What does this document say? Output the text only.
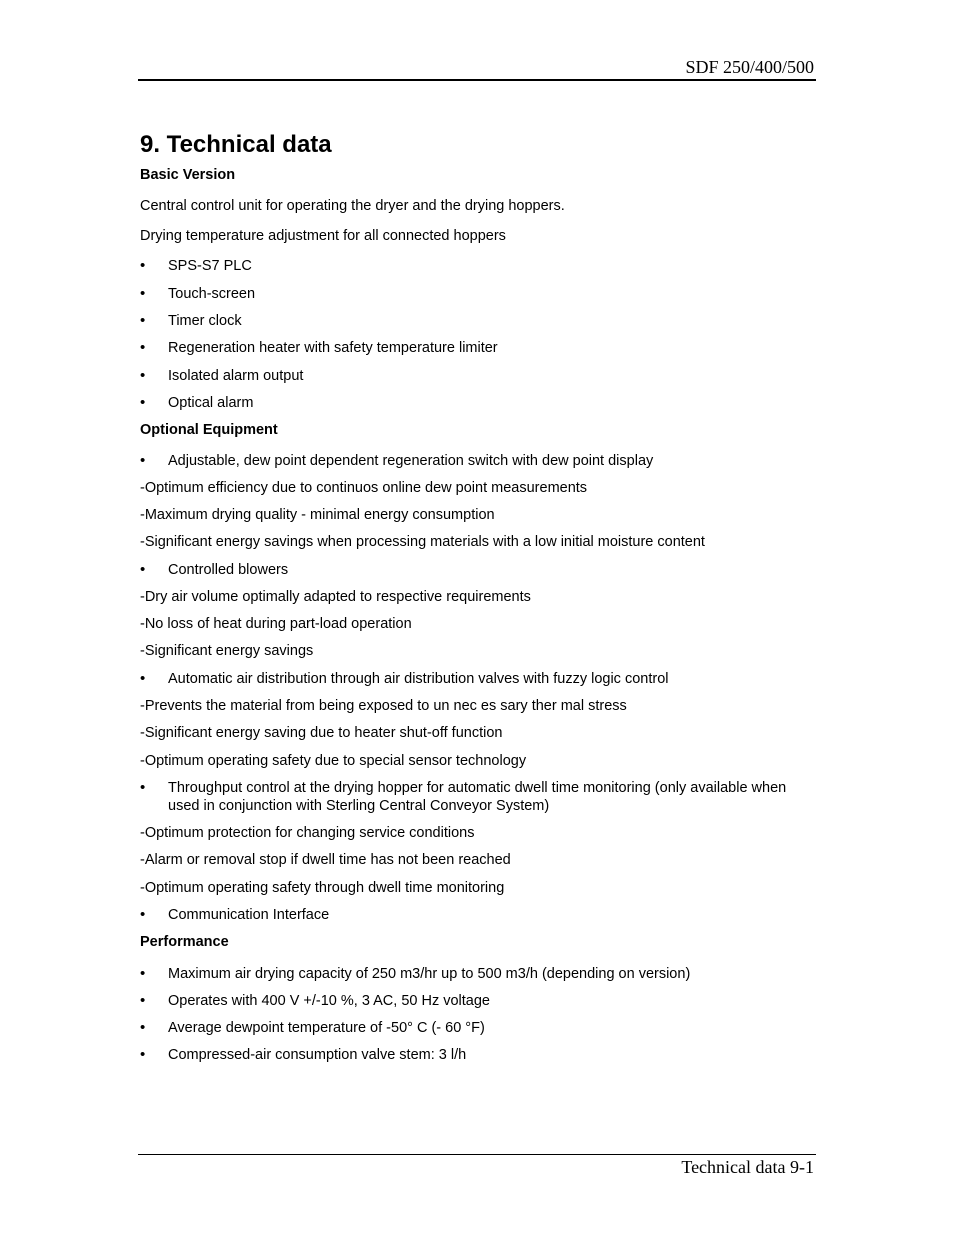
SDF 250/400/500
9. Technical data
Basic Version
Central control unit for operating the dryer and the drying hoppers.
Drying temperature adjustment for all connected hoppers
•	SPS-S7 PLC
•	Touch-screen
•	Timer clock
•	Regeneration heater with safety temperature limiter
•	Isolated alarm output
•	Optical alarm
Optional Equipment
•	Adjustable, dew point dependent regeneration switch with dew point display
-Optimum efficiency due to continuos online dew point measurements
-Maximum drying quality - minimal energy consumption
-Significant energy savings when processing materials with a low initial moisture content
•	Controlled blowers
-Dry air volume optimally adapted to respective requirements
-No loss of heat during part-load operation
-Significant energy savings
•	Automatic air distribution through air distribution valves with fuzzy logic control
-Prevents the material from being exposed to un nec es sary ther mal stress
-Significant energy saving due to heater shut-off function
-Optimum operating safety due to special sensor technology
•	Throughput control at the drying hopper for automatic dwell time monitoring (only available when used in conjunction with Sterling Central Conveyor System)
-Optimum protection for changing service conditions
-Alarm or removal stop if dwell time has not been reached
-Optimum operating safety through dwell time monitoring
•	Communication Interface
Performance
•	Maximum air drying capacity of 250 m3/hr up to 500 m3/h (depending on version)
•	Operates with 400 V +/-10 %, 3 AC, 50 Hz voltage
•	Average dewpoint temperature of -50° C (- 60 °F)
•	Compressed-air consumption valve stem: 3 l/h
Technical data 9-1
